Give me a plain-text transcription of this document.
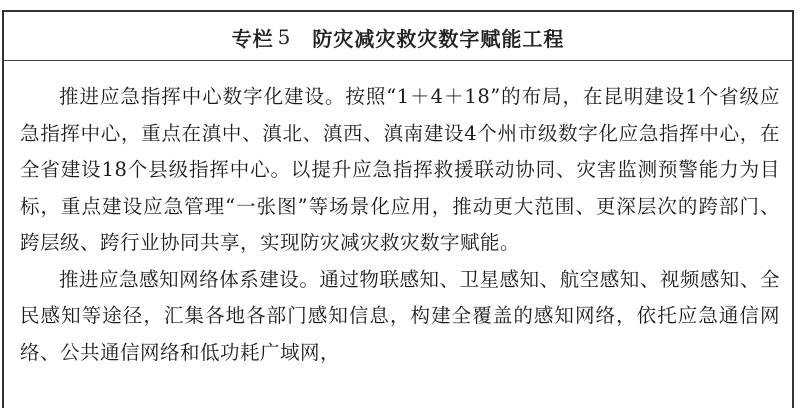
专栏 5 防灾减灾救灾数字赋能工程

推进应急指挥中心数字化建设。按照“1＋4＋18”的布局，在昆明建设1个省级应急指挥中心，重点在滇中、滇北、滇西、滇南建设4个州市级数字化应急指挥中心，在全省建设18个县级指挥中心。以提升应急指挥救援联动协同、灾害监测预警能力为目标，重点建设应急管理“一张图”等场景化应用，推动更大范围、更深层次的跨部门、跨层级、跨行业协同共享，实现防灾减灾救灾数字赋能。

推进应急感知网络体系建设。通过物联感知、卫星感知、航空感知、视频感知、全民感知等途径，汇集各地各部门感知信息，构建全覆盖的感知网络，依托应急通信网络、公共通信网络和低功耗广域网，
